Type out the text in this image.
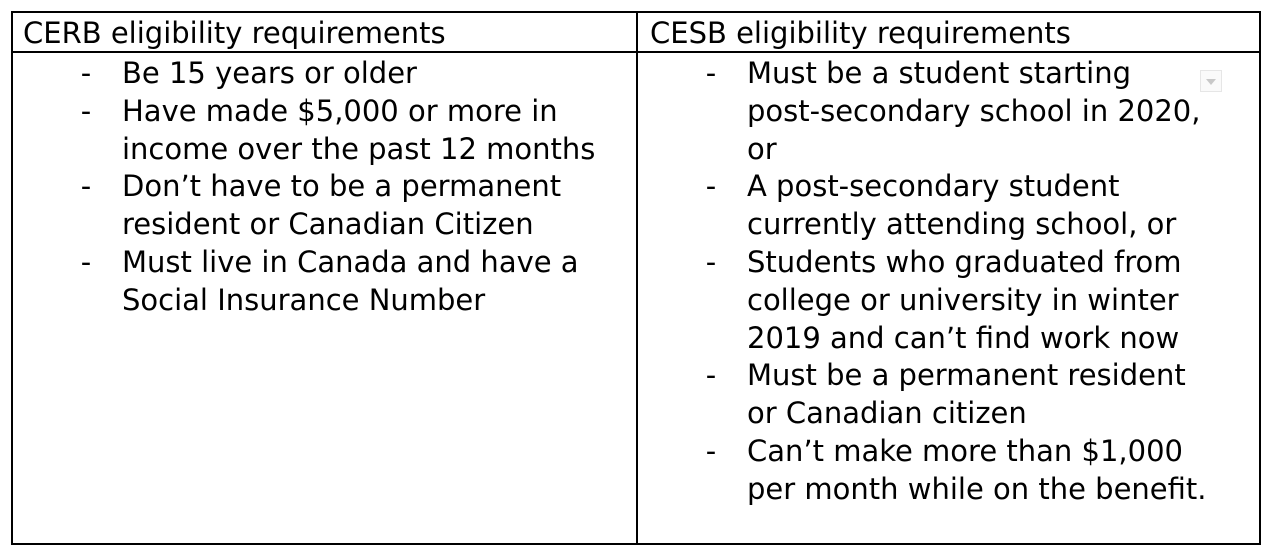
CERB eligibility requirements	CESB eligibility requirements
- Be 15 years or older
- Have made $5,000 or more in income over the past 12 months
- Don’t have to be a permanent resident or Canadian Citizen
- Must live in Canada and have a Social Insurance Number
- Must be a student starting post-secondary school in 2020, or
- A post-secondary student currently attending school, or
- Students who graduated from college or university in winter 2019 and can’t find work now
- Must be a permanent resident or Canadian citizen
- Can’t make more than $1,000 per month while on the benefit.
